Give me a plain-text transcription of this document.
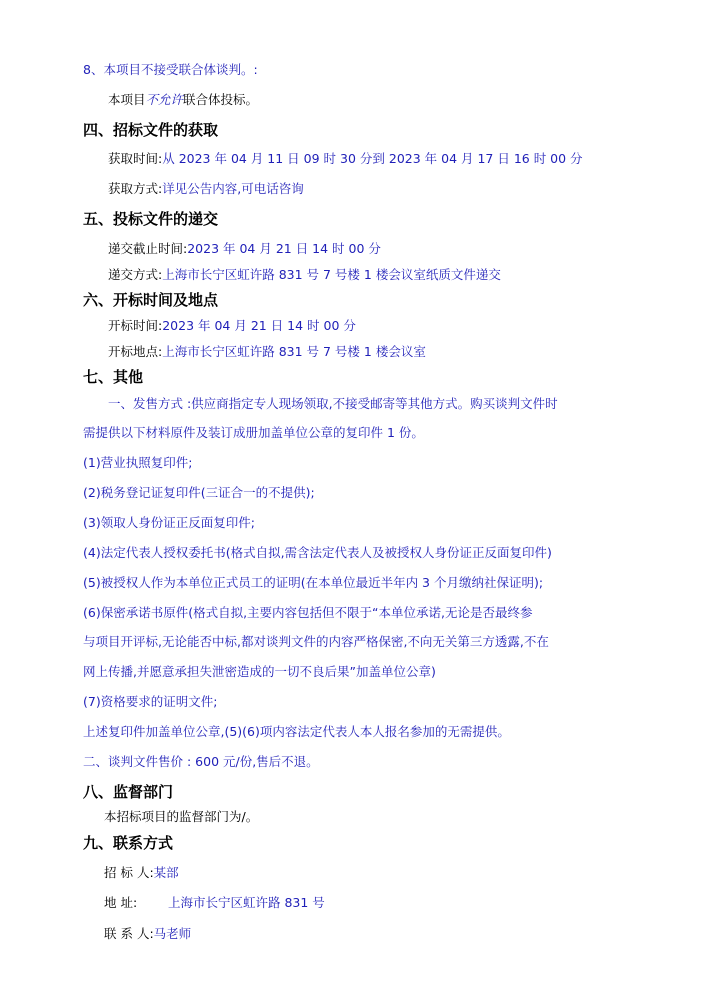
8、本项目不接受联合体谈判。:
本项目不允许联合体投标。
四、招标文件的获取
获取时间:从 2023 年 04 月 11 日 09 时 30 分到 2023 年 04 月 17 日 16 时 00 分
获取方式:详见公告内容,可电话咨询
五、投标文件的递交
递交截止时间:2023 年 04 月 21 日 14 时 00 分
递交方式:上海市长宁区虹许路 831 号 7 号楼 1 楼会议室纸质文件递交
六、开标时间及地点
开标时间:2023 年 04 月 21 日 14 时 00 分
开标地点:上海市长宁区虹许路 831 号 7 号楼 1 楼会议室
七、其他
一、发售方式 :供应商指定专人现场领取,不接受邮寄等其他方式。购买谈判文件时
需提供以下材料原件及装订成册加盖单位公章的复印件 1 份。
(1)营业执照复印件;
(2)税务登记证复印件(三证合一的不提供);
(3)领取人身份证正反面复印件;
(4)法定代表人授权委托书(格式自拟,需含法定代表人及被授权人身份证正反面复印件)
(5)被授权人作为本单位正式员工的证明(在本单位最近半年内 3 个月缴纳社保证明);
(6)保密承诺书原件(格式自拟,主要内容包括但不限于“本单位承诺,无论是否最终参
与项目开评标,无论能否中标,都对谈判文件的内容严格保密,不向无关第三方透露,不在
网上传播,并愿意承担失泄密造成的一切不良后果”加盖单位公章)
(7)资格要求的证明文件;
上述复印件加盖单位公章,(5)(6)项内容法定代表人本人报名参加的无需提供。
二、谈判文件售价 : 600 元/份,售后不退。
八、监督部门
本招标项目的监督部门为/。
九、联系方式
招 标 人:某部
地 址: 上海市长宁区虹许路 831 号
联 系 人:马老师
